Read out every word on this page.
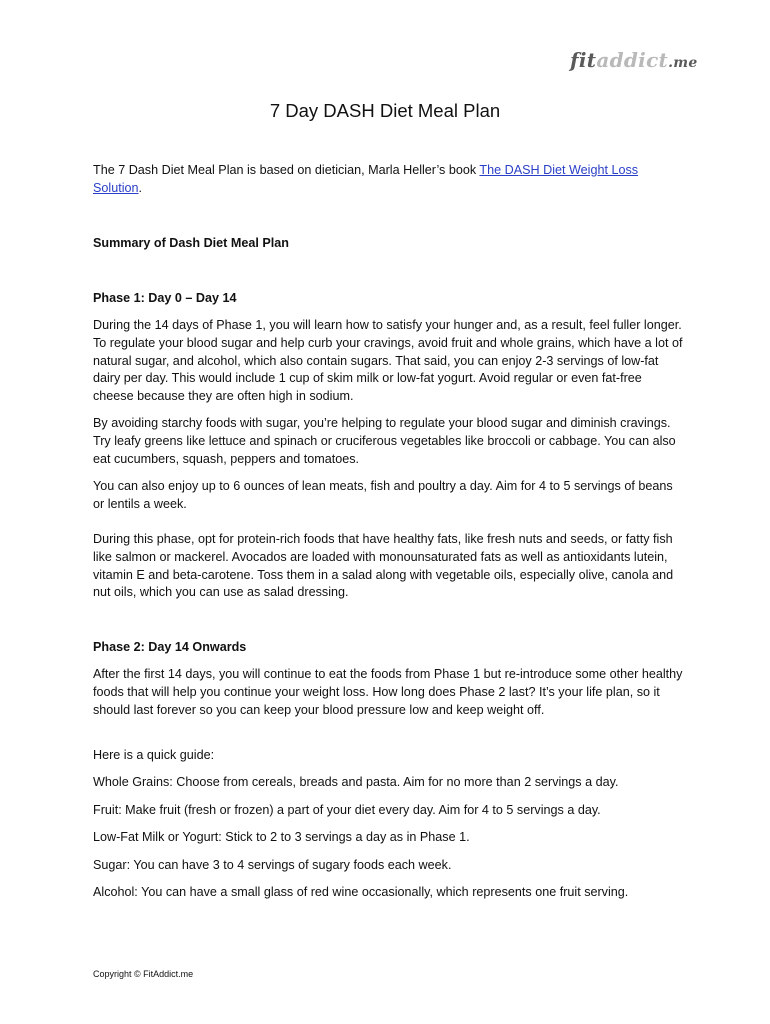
fitaddict.me
7 Day DASH Diet Meal Plan

The 7 Dash Diet Meal Plan is based on dietician, Marla Heller’s book The DASH Diet Weight Loss Solution.

Summary of Dash Diet Meal Plan
Phase 1: Day 0 – Day 14

During the 14 days of Phase 1, you will learn how to satisfy your hunger and, as a result, feel fuller longer. To regulate your blood sugar and help curb your cravings, avoid fruit and whole grains, which have a lot of natural sugar, and alcohol, which also contain sugars. That said, you can enjoy 2-3 servings of low-fat dairy per day. This would include 1 cup of skim milk or low-fat yogurt. Avoid regular or even fat-free cheese because they are often high in sodium.

By avoiding starchy foods with sugar, you’re helping to regulate your blood sugar and diminish cravings. Try leafy greens like lettuce and spinach or cruciferous vegetables like broccoli or cabbage. You can also eat cucumbers, squash, peppers and tomatoes.

You can also enjoy up to 6 ounces of lean meats, fish and poultry a day. Aim for 4 to 5 servings of beans or lentils a week.

During this phase, opt for protein-rich foods that have healthy fats, like fresh nuts and seeds, or fatty fish like salmon or mackerel. Avocados are loaded with monounsaturated fats as well as antioxidants lutein, vitamin E and beta-carotene. Toss them in a salad along with vegetable oils, especially olive, canola and nut oils, which you can use as salad dressing.

Phase 2: Day 14 Onwards

After the first 14 days, you will continue to eat the foods from Phase 1 but re-introduce some other healthy foods that will help you continue your weight loss. How long does Phase 2 last? It’s your life plan, so it should last forever so you can keep your blood pressure low and keep weight off.

Here is a quick guide:

Whole Grains: Choose from cereals, breads and pasta. Aim for no more than 2 servings a day.

Fruit: Make fruit (fresh or frozen) a part of your diet every day. Aim for 4 to 5 servings a day.

Low-Fat Milk or Yogurt: Stick to 2 to 3 servings a day as in Phase 1.

Sugar: You can have 3 to 4 servings of sugary foods each week.

Alcohol: You can have a small glass of red wine occasionally, which represents one fruit serving.

Copyright © FitAddict.me
